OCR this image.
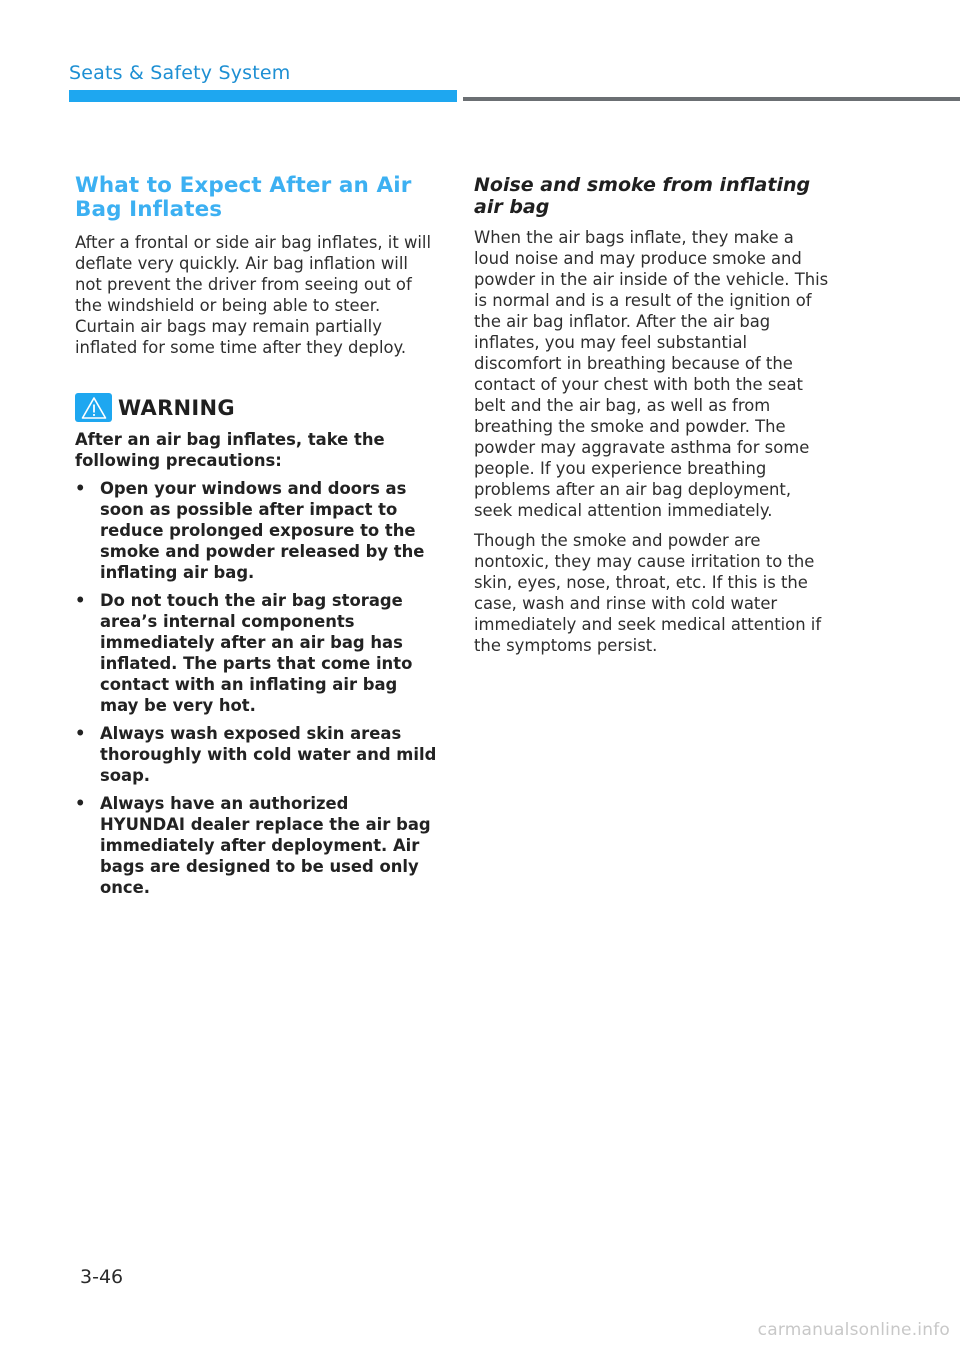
Seats & Safety System
What to Expect After an Air Bag Inflates

After a frontal or side air bag inflates, it will deflate very quickly. Air bag inflation will not prevent the driver from seeing out of the windshield or being able to steer. Curtain air bags may remain partially inflated for some time after they deploy.

WARNING

After an air bag inflates, take the following precautions:

• Open your windows and doors as soon as possible after impact to reduce prolonged exposure to the smoke and powder released by the inflating air bag.
• Do not touch the air bag storage area’s internal components immediately after an air bag has inflated. The parts that come into contact with an inflating air bag may be very hot.
• Always wash exposed skin areas thoroughly with cold water and mild soap.
• Always have an authorized HYUNDAI dealer replace the air bag immediately after deployment. Air bags are designed to be used only once.
Noise and smoke from inflating air bag

When the air bags inflate, they make a loud noise and may produce smoke and powder in the air inside of the vehicle. This is normal and is a result of the ignition of the air bag inflator. After the air bag inflates, you may feel substantial discomfort in breathing because of the contact of your chest with both the seat belt and the air bag, as well as from breathing the smoke and powder. The powder may aggravate asthma for some people. If you experience breathing problems after an air bag deployment, seek medical attention immediately.

Though the smoke and powder are nontoxic, they may cause irritation to the skin, eyes, nose, throat, etc. If this is the case, wash and rinse with cold water immediately and seek medical attention if the symptoms persist.

3-46
carmanualsonline.info
